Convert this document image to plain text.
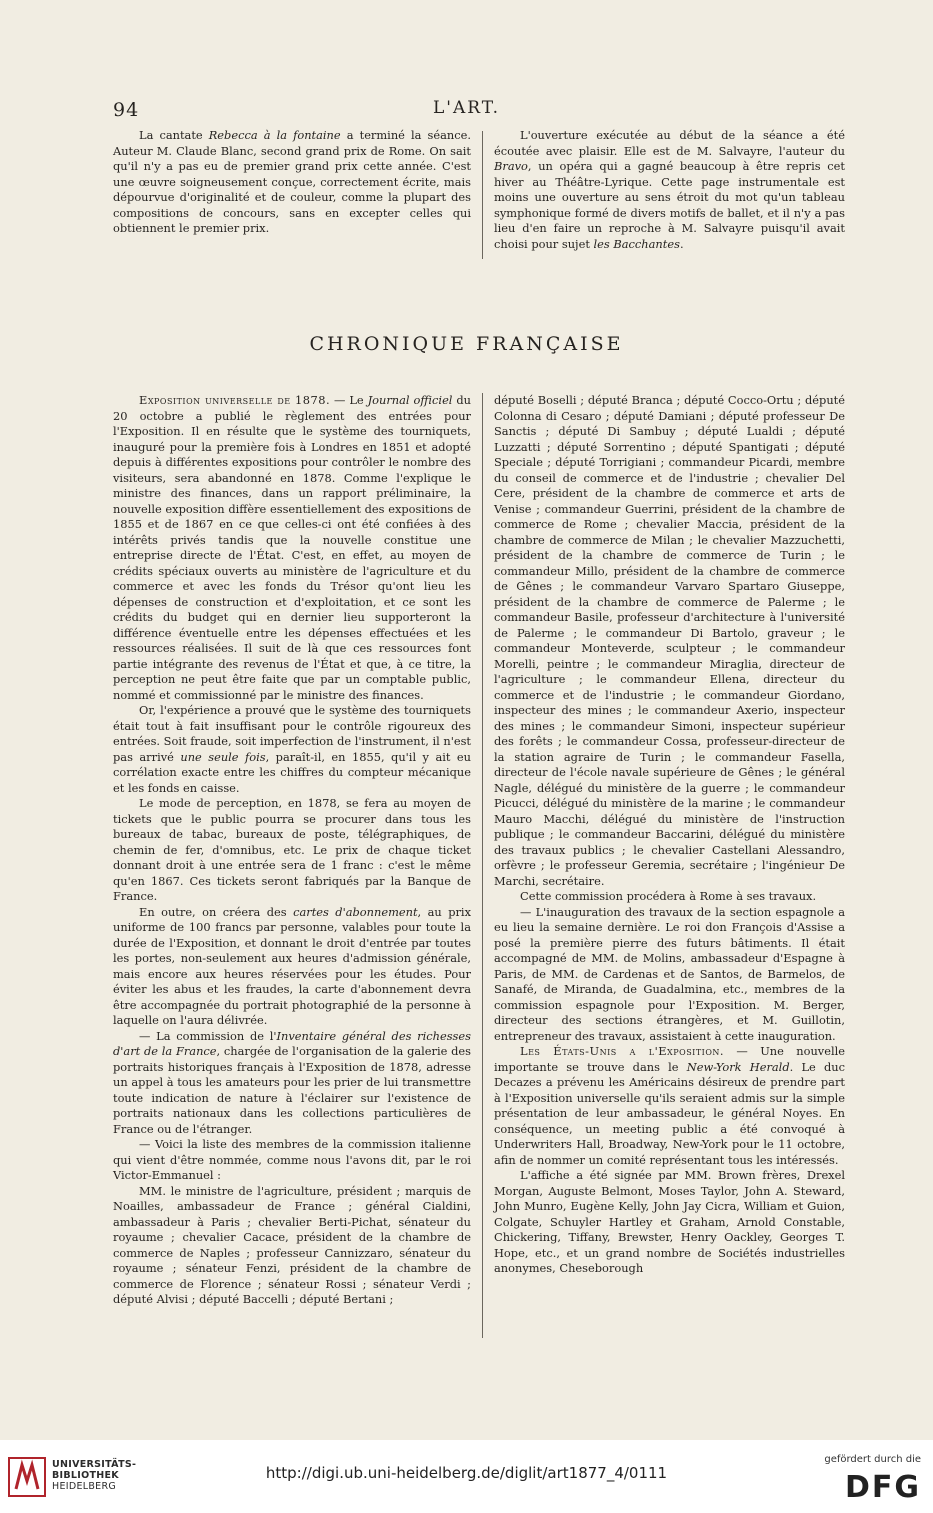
94	L'ART.

La cantate Rebecca à la fontaine a terminé la séance. Auteur M. Claude Blanc, second grand prix de Rome. On sait qu'il n'y a pas eu de premier grand prix cette année. C'est une œuvre soigneusement conçue, correctement écrite, mais dépourvue d'originalité et de couleur, comme la plupart des compositions de concours, sans en excepter celles qui obtiennent le premier prix.

L'ouverture exécutée au début de la séance a été écoutée avec plaisir. Elle est de M. Salvayre, l'auteur du Bravo, un opéra qui a gagné beaucoup à être repris cet hiver au Théâtre-Lyrique. Cette page instrumentale est moins une ouverture au sens étroit du mot qu'un tableau symphonique formé de divers motifs de ballet, et il n'y a pas lieu d'en faire un reproche à M. Salvayre puisqu'il avait choisi pour sujet les Bacchantes.

CHRONIQUE FRANÇAISE

Exposition universelle de 1878. — Le Journal officiel du 20 octobre a publié le règlement des entrées pour l'Exposition. Il en résulte que le système des tourniquets, inauguré pour la première fois à Londres en 1851 et adopté depuis à différentes expositions pour contrôler le nombre des visiteurs, sera abandonné en 1878. Comme l'explique le ministre des finances, dans un rapport préliminaire, la nouvelle exposition diffère essentiellement des expositions de 1855 et de 1867 en ce que celles-ci ont été confiées à des intérêts privés tandis que la nouvelle constitue une entreprise directe de l'État. C'est, en effet, au moyen de crédits spéciaux ouverts au ministère de l'agriculture et du commerce et avec les fonds du Trésor qu'ont lieu les dépenses de construction et d'exploitation, et ce sont les crédits du budget qui en dernier lieu supporteront la différence éventuelle entre les dépenses effectuées et les ressources réalisées. Il suit de là que ces ressources font partie intégrante des revenus de l'État et que, à ce titre, la perception ne peut être faite que par un comptable public, nommé et commissionné par le ministre des finances.

Or, l'expérience a prouvé que le système des tourniquets était tout à fait insuffisant pour le contrôle rigoureux des entrées. Soit fraude, soit imperfection de l'instrument, il n'est pas arrivé une seule fois, paraît-il, en 1855, qu'il y ait eu corrélation exacte entre les chiffres du compteur mécanique et les fonds en caisse.

Le mode de perception, en 1878, se fera au moyen de tickets que le public pourra se procurer dans tous les bureaux de tabac, bureaux de poste, télégraphiques, de chemin de fer, d'omnibus, etc. Le prix de chaque ticket donnant droit à une entrée sera de 1 franc : c'est le même qu'en 1867. Ces tickets seront fabriqués par la Banque de France.

En outre, on créera des cartes d'abonnement, au prix uniforme de 100 francs par personne, valables pour toute la durée de l'Exposition, et donnant le droit d'entrée par toutes les portes, non-seulement aux heures d'admission générale, mais encore aux heures réservées pour les études. Pour éviter les abus et les fraudes, la carte d'abonnement devra être accompagnée du portrait photographié de la personne à laquelle on l'aura délivrée.

— La commission de l'Inventaire général des richesses d'art de la France, chargée de l'organisation de la galerie des portraits historiques français à l'Exposition de 1878, adresse un appel à tous les amateurs pour les prier de lui transmettre toute indication de nature à l'éclairer sur l'existence de portraits nationaux dans les collections particulières de France ou de l'étranger.

— Voici la liste des membres de la commission italienne qui vient d'être nommée, comme nous l'avons dit, par le roi Victor-Emmanuel :

MM. le ministre de l'agriculture, président ; marquis de Noailles, ambassadeur de France ; général Cialdini, ambassadeur à Paris ; chevalier Berti-Pichat, sénateur du royaume ; chevalier Cacace, président de la chambre de commerce de Naples ; professeur Cannizzaro, sénateur du royaume ; sénateur Fenzi, président de la chambre de commerce de Florence ; sénateur Rossi ; sénateur Verdi ; député Alvisi ; député Baccelli ; député Bertani ;

député Boselli ; député Branca ; député Cocco-Ortu ; député Colonna di Cesaro ; député Damiani ; député professeur De Sanctis ; député Di Sambuy ; député Lualdi ; député Luzzatti ; député Sorrentino ; député Spantigati ; député Speciale ; député Torrigiani ; commandeur Picardi, membre du conseil de commerce et de l'industrie ; chevalier Del Cere, président de la chambre de commerce et arts de Venise ; commandeur Guerrini, président de la chambre de commerce de Rome ; chevalier Maccia, président de la chambre de commerce de Milan ; le chevalier Mazzuchetti, président de la chambre de commerce de Turin ; le commandeur Millo, président de la chambre de commerce de Gênes ; le commandeur Varvaro Spartaro Giuseppe, président de la chambre de commerce de Palerme ; le commandeur Basile, professeur d'architecture à l'université de Palerme ; le commandeur Di Bartolo, graveur ; le commandeur Monteverde, sculpteur ; le commandeur Morelli, peintre ; le commandeur Miraglia, directeur de l'agriculture ; le commandeur Ellena, directeur du commerce et de l'industrie ; le commandeur Giordano, inspecteur des mines ; le commandeur Axerio, inspecteur des mines ; le commandeur Simoni, inspecteur supérieur des forêts ; le commandeur Cossa, professeur-directeur de la station agraire de Turin ; le commandeur Fasella, directeur de l'école navale supérieure de Gênes ; le général Nagle, délégué du ministère de la guerre ; le commandeur Picucci, délégué du ministère de la marine ; le commandeur Mauro Macchi, délégué du ministère de l'instruction publique ; le commandeur Baccarini, délégué du ministère des travaux publics ; le chevalier Castellani Alessandro, orfèvre ; le professeur Geremia, secrétaire ; l'ingénieur De Marchi, secrétaire.

Cette commission procédera à Rome à ses travaux.

— L'inauguration des travaux de la section espagnole a eu lieu la semaine dernière. Le roi don François d'Assise a posé la première pierre des futurs bâtiments. Il était accompagné de MM. de Molins, ambassadeur d'Espagne à Paris, de MM. de Cardenas et de Santos, de Barmelos, de Sanafé, de Miranda, de Guadalmina, etc., membres de la commission espagnole pour l'Exposition. M. Berger, directeur des sections étrangères, et M. Guillotin, entrepreneur des travaux, assistaient à cette inauguration.

Les États-Unis a l'Exposition. — Une nouvelle importante se trouve dans le New-York Herald. Le duc Decazes a prévenu les Américains désireux de prendre part à l'Exposition universelle qu'ils seraient admis sur la simple présentation de leur ambassadeur, le général Noyes. En conséquence, un meeting public a été convoqué à Underwriters Hall, Broadway, New-York pour le 11 octobre, afin de nommer un comité représentant tous les intéressés.

L'affiche a été signée par MM. Brown frères, Drexel Morgan, Auguste Belmont, Moses Taylor, John A. Steward, John Munro, Eugène Kelly, John Jay Cicra, William et Guion, Colgate, Schuyler Hartley et Graham, Arnold Constable, Chickering, Tiffany, Brewster, Henry Oackley, Georges T. Hope, etc., et un grand nombre de Sociétés industrielles anonymes, Cheseborough

UNIVERSITÄTS-
BIBLIOTHEK
HEIDELBERG
http://digi.ub.uni-heidelberg.de/diglit/art1877_4/0111
gefördert durch die
DFG
